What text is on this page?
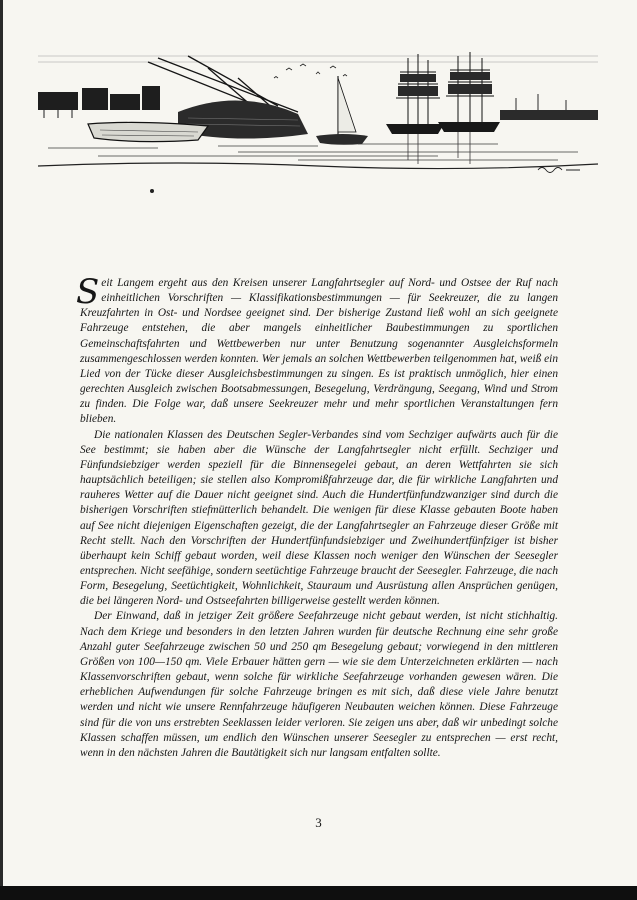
Seit Langem ergeht aus den Kreisen unserer Langfahrtsegler auf Nord- und Ostsee der Ruf nach einheitlichen Vorschriften — Klassifikationsbestimmungen — für Seekreuzer, die zu langen Kreuzfahrten in Ost- und Nordsee geeignet sind. Der bisherige Zustand ließ wohl an sich geeignete Fahrzeuge entstehen, die aber mangels einheitlicher Baubestimmungen zu sportlichen Gemeinschaftsfahrten und Wettbewerben nur unter Benutzung sogenannter Ausgleichsformeln zusammengeschlossen werden konnten. Wer jemals an solchen Wettbewerben teilgenommen hat, weiß ein Lied von der Tücke dieser Ausgleichsbestimmungen zu singen. Es ist praktisch unmöglich, hier einen gerechten Ausgleich zwischen Bootsabmessungen, Besegelung, Verdrängung, Seegang, Wind und Strom zu finden. Die Folge war, daß unsere Seekreuzer mehr und mehr sportlichen Veranstaltungen fern blieben.

Die nationalen Klassen des Deutschen Segler-Verbandes sind vom Sechziger aufwärts auch für die See bestimmt; sie haben aber die Wünsche der Langfahrtsegler nicht erfüllt. Sechziger und Fünfundsiebziger werden speziell für die Binnensegelei gebaut, an deren Wettfahrten sie sich hauptsächlich beteiligen; sie stellen also Kompromißfahrzeuge dar, die für wirkliche Langfahrten und rauheres Wetter auf die Dauer nicht geeignet sind. Auch die Hundertfünfundzwanziger sind durch die bisherigen Vorschriften stiefmütterlich behandelt. Die wenigen für diese Klasse gebauten Boote haben auf See nicht diejenigen Eigenschaften gezeigt, die der Langfahrtsegler an Fahrzeuge dieser Größe mit Recht stellt. Nach den Vorschriften der Hundertfünfundsiebziger und Zweihundertfünfziger ist bisher überhaupt kein Schiff gebaut worden, weil diese Klassen noch weniger den Wünschen der Seesegler entsprechen. Nicht seefähige, sondern seetüchtige Fahrzeuge braucht der Seesegler. Fahrzeuge, die nach Form, Besegelung, Seetüchtigkeit, Wohnlichkeit, Stauraum und Ausrüstung allen Ansprüchen genügen, die bei längeren Nord- und Ostseefahrten billigerweise gestellt werden können.

Der Einwand, daß in jetziger Zeit größere Seefahrzeuge nicht gebaut werden, ist nicht stichhaltig. Nach dem Kriege und besonders in den letzten Jahren wurden für deutsche Rechnung eine sehr große Anzahl guter Seefahrzeuge zwischen 50 und 250 qm Besegelung gebaut; vorwiegend in den mittleren Größen von 100—150 qm. Viele Erbauer hätten gern — wie sie dem Unterzeichneten erklärten — nach Klassenvorschriften gebaut, wenn solche für wirkliche Seefahrzeuge vorhanden gewesen wären. Die erheblichen Aufwendungen für solche Fahrzeuge bringen es mit sich, daß diese viele Jahre benutzt werden und nicht wie unsere Rennfahrzeuge häufigeren Neubauten weichen können. Diese Fahrzeuge sind für die von uns erstrebten Seeklassen leider verloren. Sie zeigen uns aber, daß wir unbedingt solche Klassen schaffen müssen, um endlich den Wünschen unserer Seesegler zu entsprechen — erst recht, wenn in den nächsten Jahren die Bautätigkeit sich nur langsam entfalten sollte.

3
